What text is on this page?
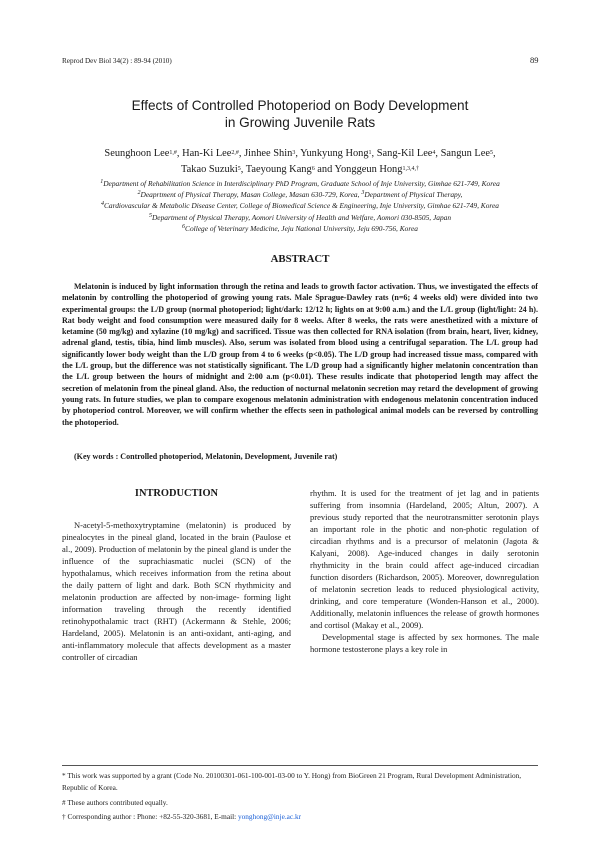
Reprod Dev Biol 34(2) : 89-94 (2010)	89
Effects of Controlled Photoperiod on Body Development
in Growing Juvenile Rats
Seunghoon Lee$^{1,\#}$, Han-Ki Lee$^{2,\#}$, Jinhee Shin$^3$, Yunkyung Hong$^1$, Sang-Kil Lee$^4$, Sangun Lee$^5$,
Takao Suzuki$^5$, Taeyoung Kang$^6$ and Yonggeun Hong$^{1,3,4,\dagger}$
$^1$Department of Rehabilitation Science in Interdisciplinary PhD Program, Graduate School of Inje University, Gimhae 621-749, Korea
$^2$Deaprtment of Physical Therapy, Masan College, Masan 630-729, Korea, $^3$Department of Physical Therapy,
$^4$Cardiovascular & Metabolic Disease Center, College of Biomedical Science & Engineering, Inje University, Gimhae 621-749, Korea
$^5$Department of Physical Therapy, Aomori University of Health and Welfare, Aomori 030-8505, Japan
$^6$College of Veterinary Medicine, Jeju National University, Jeju 690-756, Korea
ABSTRACT

Melatonin is induced by light information through the retina and leads to growth factor activation. Thus, we investigated the effects of melatonin by controlling the photoperiod of growing young rats. Male Sprague-Dawley rats (n=6; 4 weeks old) were divided into two experimental groups: the L/D group (normal photoperiod; light/dark: 12/12 h; lights on at 9:00 a.m.) and the L/L group (light/light: 24 h). Rat body weight and food consumption were measured daily for 8 weeks. After 8 weeks, the rats were anesthetized with a mixture of ketamine (50 mg/kg) and xylazine (10 mg/kg) and sacrificed. Tissue was then collected for RNA isolation (from brain, heart, liver, kidney, adrenal gland, testis, tibia, hind limb muscles). Also, serum was isolated from blood using a centrifugal separation. The L/L group had significantly lower body weight than the L/D group from 4 to 6 weeks (p<0.05). The L/D group had increased tissue mass, compared with the L/L group, but the difference was not statistically significant. The L/D group had a significantly higher melatonin concentration than the L/L group between the hours of midnight and 2:00 a.m (p<0.01). These results indicate that photoperiod length may affect the secretion of melatonin from the pineal gland. Also, the reduction of nocturnal melatonin secretion may retard the development of growing young rats. In future studies, we plan to compare exogenous melatonin administration with endogenous melatonin concentration induced by photoperiod control. Moreover, we will confirm whether the effects seen in pathological animal models can be reversed by controlling the photoperiod.

(Key words : Controlled photoperiod, Melatonin, Development, Juvenile rat)
INTRODUCTION

N-acetyl-5-methoxytryptamine (melatonin) is produced by pinealocytes in the pineal gland, located in the brain (Paulose et al., 2009). Production of melatonin by the pineal gland is under the influence of the suprachiasmatic nuclei (SCN) of the hypothalamus, which receives information from the retina about the daily pattern of light and dark. Both SCN rhythmicity and melatonin production are affected by non-image- forming light information traveling through the recently identified retinohypothalamic tract (RHT) (Ackermann & Stehle, 2006; Hardeland, 2005). Melatonin is an anti-oxidant, anti-aging, and anti-inflammatory molecule that affects development as a master controller of circadian

rhythm. It is used for the treatment of jet lag and in patients suffering from insomnia (Hardeland, 2005; Altun, 2007). A previous study reported that the neurotransmitter serotonin plays an important role in the photic and non-photic regulation of circadian rhythms and is a precursor of melatonin (Jagota & Kalyani, 2008). Age-induced changes in daily serotonin rhythmicity in the brain could affect age-induced circadian function disorders (Richardson, 2005). Moreover, downregulation of melatonin secretion leads to reduced physiological activity, drinking, and core temperature (Wonden-Hanson et al., 2000). Additionally, melatonin influences the release of growth hormones and cortisol (Makay et al., 2009).

Developmental stage is affected by sex hormones. The male hormone testosterone plays a key role in

* This work was supported by a grant (Code No. 20100301-061-100-001-03-00 to Y. Hong) from BioGreen 21 Program, Rural Development Administration, Republic of Korea.
# These authors contributed equally.
† Corresponding author : Phone: +82-55-320-3681, E-mail: yonghong@inje.ac.kr
